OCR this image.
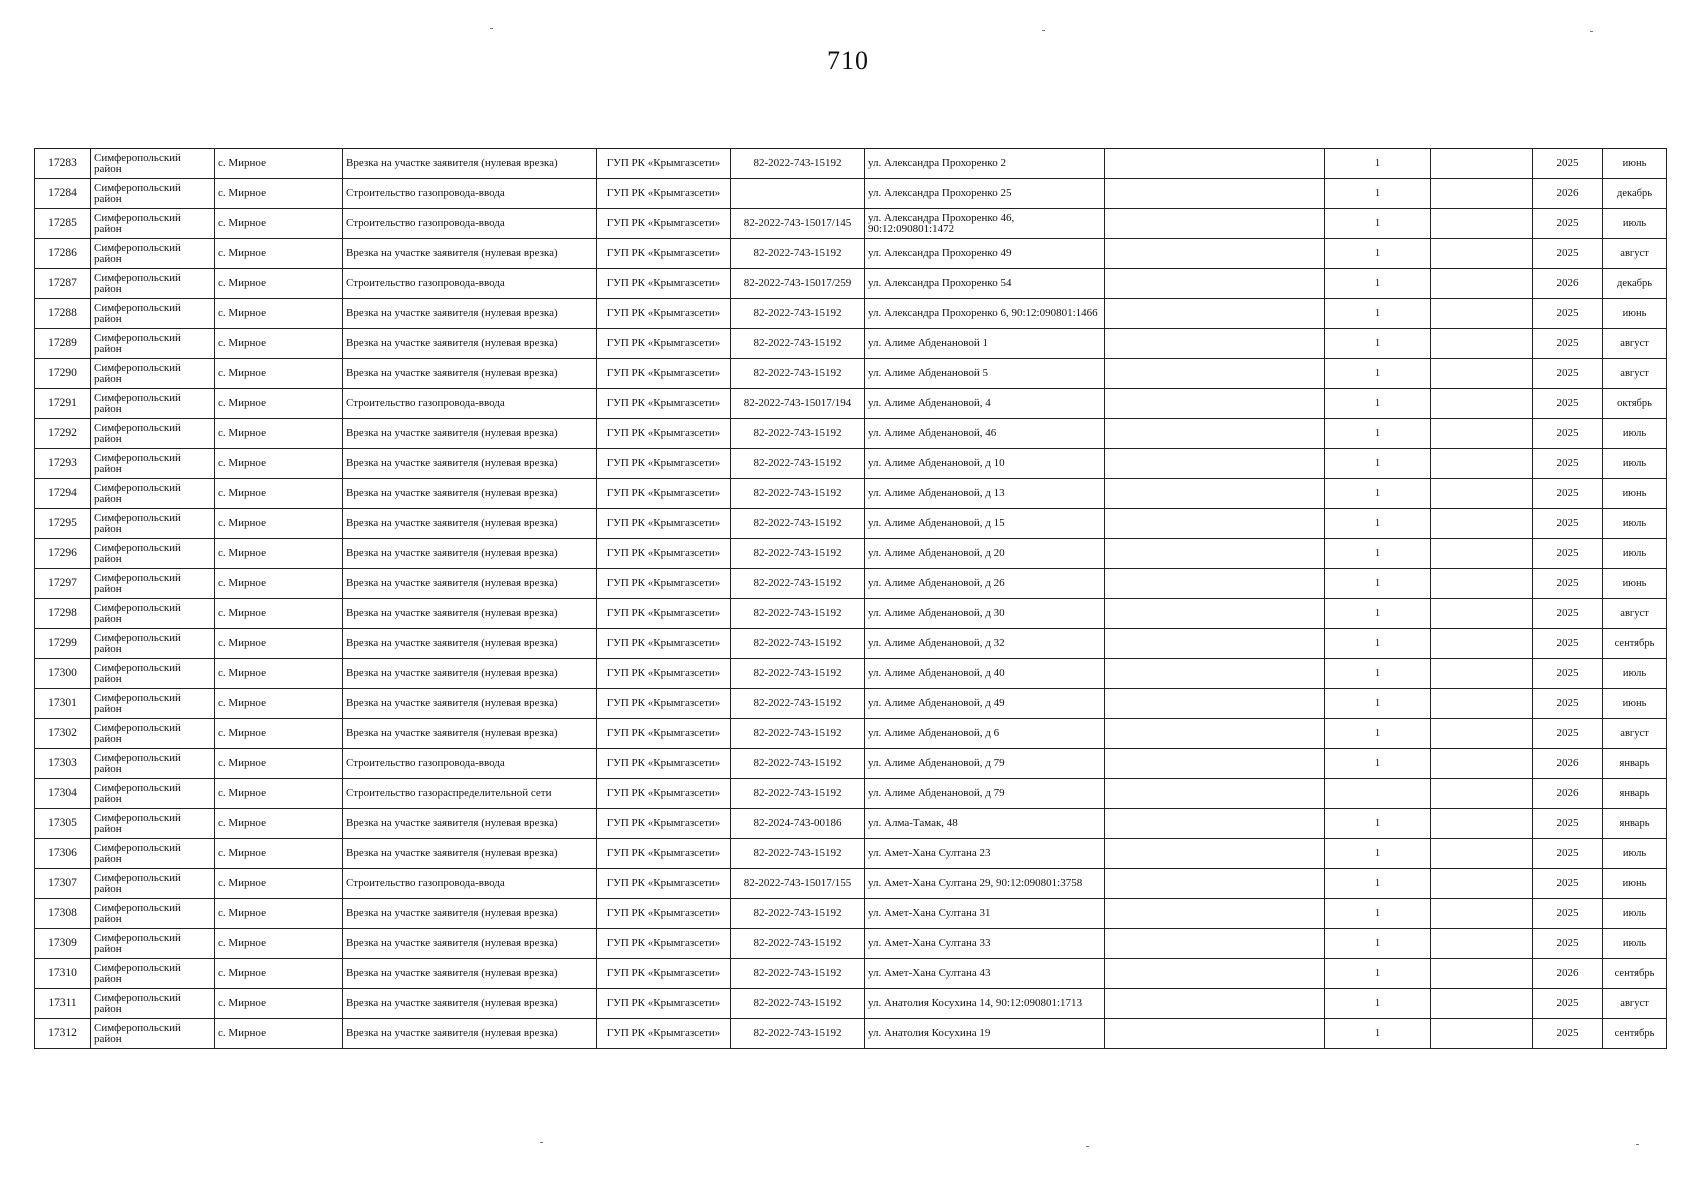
710
17283	Симферопольский район	с. Мирное	Врезка на участке заявителя (нулевая врезка)	ГУП РК «Крымгазсети»	82-2022-743-15192	ул. Александра Прохоренко 2		1		2025	июнь
17284	Симферопольский район	с. Мирное	Строительство газопровода-ввода	ГУП РК «Крымгазсети»		ул. Александра Прохоренко 25		1		2026	декабрь
17285	Симферопольский район	с. Мирное	Строительство газопровода-ввода	ГУП РК «Крымгазсети»	82-2022-743-15017/145	ул. Александра Прохоренко 46, 90:12:090801:1472		1		2025	июль
17286	Симферопольский район	с. Мирное	Врезка на участке заявителя (нулевая врезка)	ГУП РК «Крымгазсети»	82-2022-743-15192	ул. Александра Прохоренко 49		1		2025	август
17287	Симферопольский район	с. Мирное	Строительство газопровода-ввода	ГУП РК «Крымгазсети»	82-2022-743-15017/259	ул. Александра Прохоренко 54		1		2026	декабрь
17288	Симферопольский район	с. Мирное	Врезка на участке заявителя (нулевая врезка)	ГУП РК «Крымгазсети»	82-2022-743-15192	ул. Александра Прохоренко 6, 90:12:090801:1466		1		2025	июнь
17289	Симферопольский район	с. Мирное	Врезка на участке заявителя (нулевая врезка)	ГУП РК «Крымгазсети»	82-2022-743-15192	ул. Алиме Абденановой 1		1		2025	август
17290	Симферопольский район	с. Мирное	Врезка на участке заявителя (нулевая врезка)	ГУП РК «Крымгазсети»	82-2022-743-15192	ул. Алиме Абденановой 5		1		2025	август
17291	Симферопольский район	с. Мирное	Строительство газопровода-ввода	ГУП РК «Крымгазсети»	82-2022-743-15017/194	ул. Алиме Абденановой, 4		1		2025	октябрь
17292	Симферопольский район	с. Мирное	Врезка на участке заявителя (нулевая врезка)	ГУП РК «Крымгазсети»	82-2022-743-15192	ул. Алиме Абденановой, 46		1		2025	июль
17293	Симферопольский район	с. Мирное	Врезка на участке заявителя (нулевая врезка)	ГУП РК «Крымгазсети»	82-2022-743-15192	ул. Алиме Абденановой, д 10		1		2025	июль
17294	Симферопольский район	с. Мирное	Врезка на участке заявителя (нулевая врезка)	ГУП РК «Крымгазсети»	82-2022-743-15192	ул. Алиме Абденановой, д 13		1		2025	июнь
17295	Симферопольский район	с. Мирное	Врезка на участке заявителя (нулевая врезка)	ГУП РК «Крымгазсети»	82-2022-743-15192	ул. Алиме Абденановой, д 15		1		2025	июль
17296	Симферопольский район	с. Мирное	Врезка на участке заявителя (нулевая врезка)	ГУП РК «Крымгазсети»	82-2022-743-15192	ул. Алиме Абденановой, д 20		1		2025	июль
17297	Симферопольский район	с. Мирное	Врезка на участке заявителя (нулевая врезка)	ГУП РК «Крымгазсети»	82-2022-743-15192	ул. Алиме Абденановой, д 26		1		2025	июнь
17298	Симферопольский район	с. Мирное	Врезка на участке заявителя (нулевая врезка)	ГУП РК «Крымгазсети»	82-2022-743-15192	ул. Алиме Абденановой, д 30		1		2025	август
17299	Симферопольский район	с. Мирное	Врезка на участке заявителя (нулевая врезка)	ГУП РК «Крымгазсети»	82-2022-743-15192	ул. Алиме Абденановой, д 32		1		2025	сентябрь
17300	Симферопольский район	с. Мирное	Врезка на участке заявителя (нулевая врезка)	ГУП РК «Крымгазсети»	82-2022-743-15192	ул. Алиме Абденановой, д 40		1		2025	июль
17301	Симферопольский район	с. Мирное	Врезка на участке заявителя (нулевая врезка)	ГУП РК «Крымгазсети»	82-2022-743-15192	ул. Алиме Абденановой, д 49		1		2025	июнь
17302	Симферопольский район	с. Мирное	Врезка на участке заявителя (нулевая врезка)	ГУП РК «Крымгазсети»	82-2022-743-15192	ул. Алиме Абденановой, д 6		1		2025	август
17303	Симферопольский район	с. Мирное	Строительство газопровода-ввода	ГУП РК «Крымгазсети»	82-2022-743-15192	ул. Алиме Абденановой, д 79		1		2026	январь
17304	Симферопольский район	с. Мирное	Строительство газораспределительной сети	ГУП РК «Крымгазсети»	82-2022-743-15192	ул. Алиме Абденановой, д 79				2026	январь
17305	Симферопольский район	с. Мирное	Врезка на участке заявителя (нулевая врезка)	ГУП РК «Крымгазсети»	82-2024-743-00186	ул. Алма-Тамак, 48		1		2025	январь
17306	Симферопольский район	с. Мирное	Врезка на участке заявителя (нулевая врезка)	ГУП РК «Крымгазсети»	82-2022-743-15192	ул. Амет-Хана Султана 23		1		2025	июль
17307	Симферопольский район	с. Мирное	Строительство газопровода-ввода	ГУП РК «Крымгазсети»	82-2022-743-15017/155	ул. Амет-Хана Султана 29, 90:12:090801:3758		1		2025	июнь
17308	Симферопольский район	с. Мирное	Врезка на участке заявителя (нулевая врезка)	ГУП РК «Крымгазсети»	82-2022-743-15192	ул. Амет-Хана Султана 31		1		2025	июль
17309	Симферопольский район	с. Мирное	Врезка на участке заявителя (нулевая врезка)	ГУП РК «Крымгазсети»	82-2022-743-15192	ул. Амет-Хана Султана 33		1		2025	июль
17310	Симферопольский район	с. Мирное	Врезка на участке заявителя (нулевая врезка)	ГУП РК «Крымгазсети»	82-2022-743-15192	ул. Амет-Хана Султана 43		1		2026	сентябрь
17311	Симферопольский район	с. Мирное	Врезка на участке заявителя (нулевая врезка)	ГУП РК «Крымгазсети»	82-2022-743-15192	ул. Анатолия Косухина 14, 90:12:090801:1713		1		2025	август
17312	Симферопольский район	с. Мирное	Врезка на участке заявителя (нулевая врезка)	ГУП РК «Крымгазсети»	82-2022-743-15192	ул. Анатолия Косухина 19		1		2025	сентябрь
